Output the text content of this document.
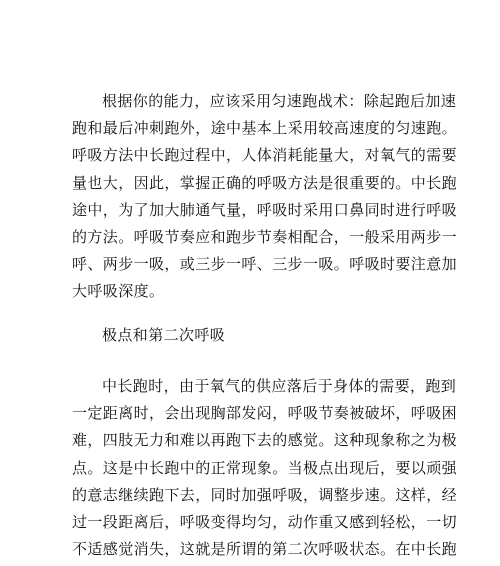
根据你的能力，应该采用匀速跑战术：除起跑后加速
跑和最后冲刺跑外，途中基本上采用较高速度的匀速跑。
呼吸方法中长跑过程中，人体消耗能量大，对氧气的需要
量也大，因此，掌握正确的呼吸方法是很重要的。中长跑
途中，为了加大肺通气量，呼吸时采用口鼻同时进行呼吸
的方法。呼吸节奏应和跑步节奏相配合，一般采用两步一
呼、两步一吸，或三步一呼、三步一吸。呼吸时要注意加
大呼吸深度。
极点和第二次呼吸
中长跑时，由于氧气的供应落后于身体的需要，跑到
一定距离时，会出现胸部发闷，呼吸节奏被破坏，呼吸困
难，四肢无力和难以再跑下去的感觉。这种现象称之为极
点。这是中长跑中的正常现象。当极点出现后，要以顽强
的意志继续跑下去，同时加强呼吸，调整步速。这样，经
过一段距离后，呼吸变得均匀，动作重又感到轻松，一切
不适感觉消失，这就是所谓的第二次呼吸状态。在中长跑
